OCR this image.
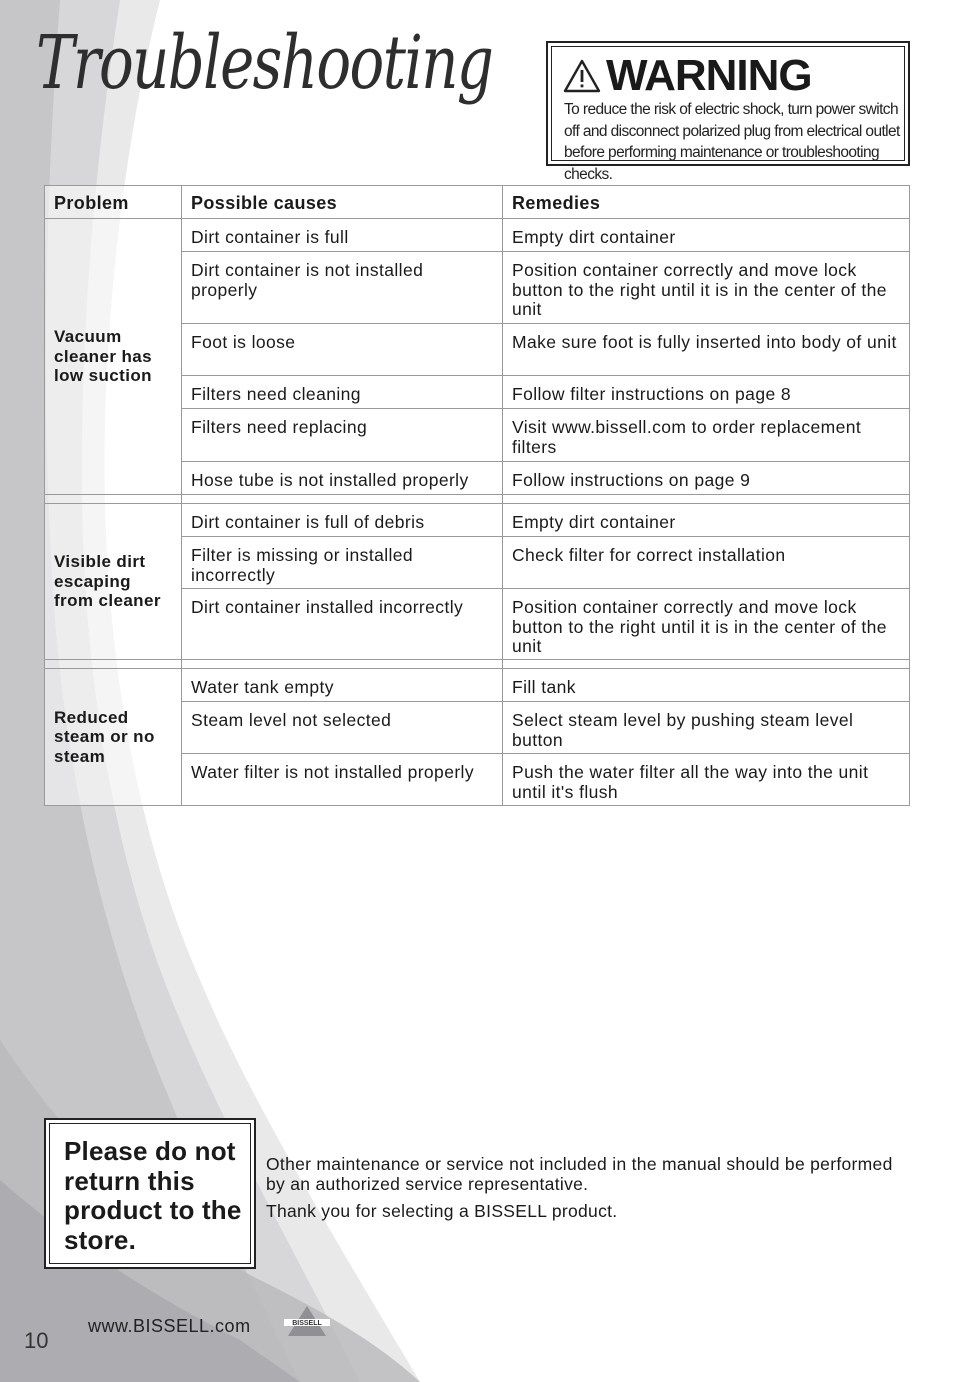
Troubleshooting	WARNING
To reduce the risk of electric shock, turn power switch off and disconnect polarized plug from electrical outlet before performing maintenance or troubleshooting checks.
Problem	Possible causes	Remedies
Vacuum cleaner has low suction	Dirt container is full	Empty dirt container
	Dirt container is not installed properly	Position container correctly and move lock button to the right until it is in the center of the unit
	Foot is loose	Make sure foot is fully inserted into body of unit
	Filters need cleaning	Follow filter instructions on page 8
	Filters need replacing	Visit www.bissell.com to order replacement filters
	Hose tube is not installed properly	Follow instructions on page 9

Visible dirt escaping from cleaner	Dirt container is full of debris	Empty dirt container
	Filter is missing or installed incorrectly	Check filter for correct installation
	Dirt container installed incorrectly	Position container correctly and move lock button to the right until it is in the center of the unit

Reduced steam or no steam	Water tank empty	Fill tank
	Steam level not selected	Select steam level by pushing steam level button
	Water filter is not installed properly	Push the water filter all the way into the unit until it's flush
Please do not return this product to the store.
Other maintenance or service not included in the manual should be performed by an authorized service representative.
Thank you for selecting a BISSELL product.
10
www.BISSELL.com	BISSELL
